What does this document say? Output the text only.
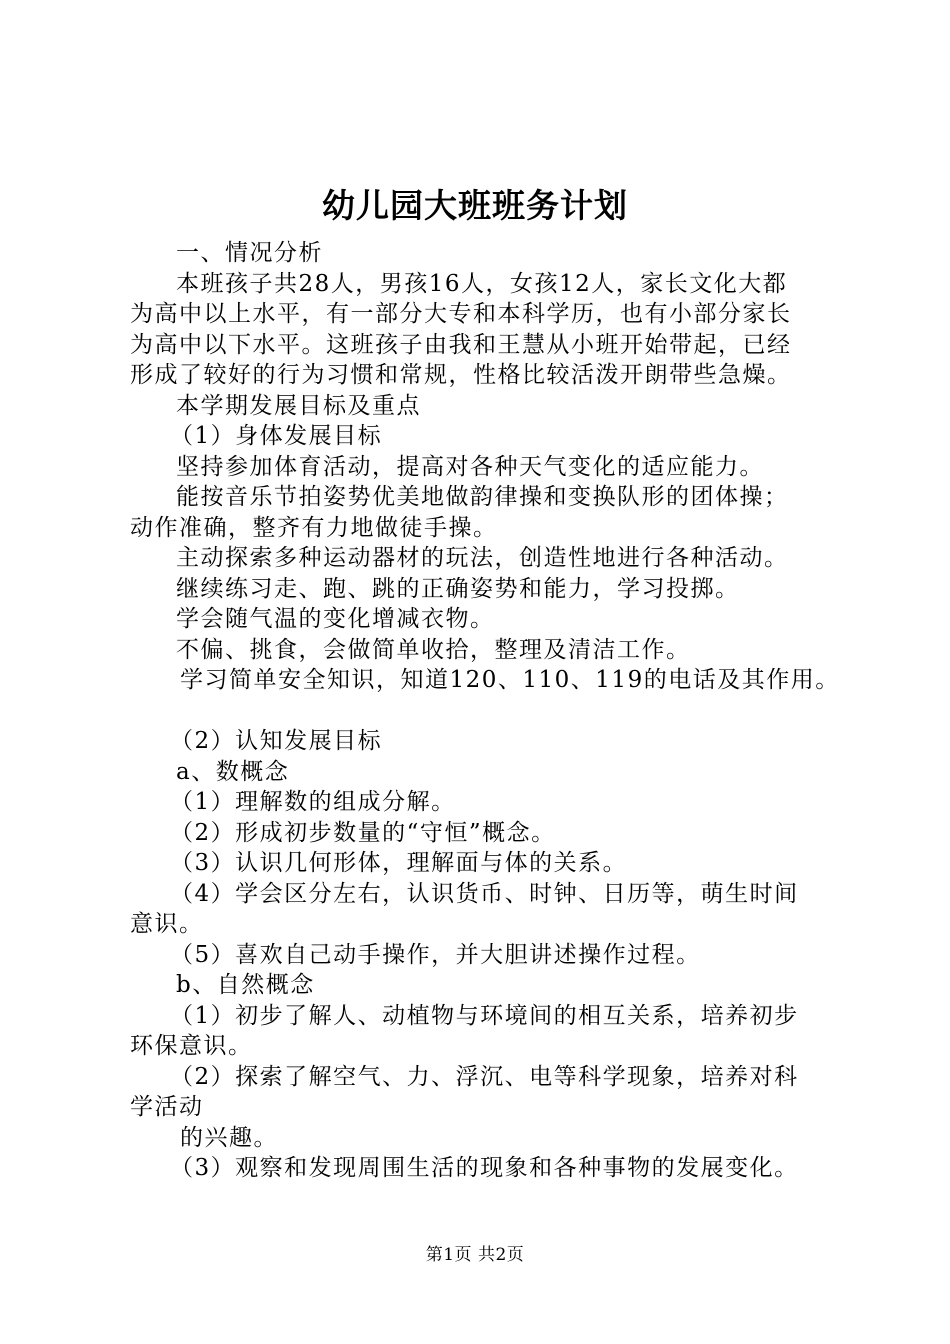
幼儿园大班班务计划
一、情况分析
本班孩子共28人，男孩16人，女孩12人，家长文化大都
为高中以上水平，有一部分大专和本科学历，也有小部分家长
为高中以下水平。这班孩子由我和王慧从小班开始带起，已经
形成了较好的行为习惯和常规，性格比较活泼开朗带些急燥。
本学期发展目标及重点
（1）身体发展目标
坚持参加体育活动，提高对各种天气变化的适应能力。
能按音乐节拍姿势优美地做韵律操和变换队形的团体操；
动作准确，整齐有力地做徒手操。
主动探索多种运动器材的玩法，创造性地进行各种活动。
继续练习走、跑、跳的正确姿势和能力，学习投掷。
学会随气温的变化增减衣物。
不偏、挑食，会做简单收拾，整理及清洁工作。
学习简单安全知识，知道120、110、119的电话及其作用。
（2）认知发展目标
a、数概念
（1）理解数的组成分解。
（2）形成初步数量的“守恒”概念。
（3）认识几何形体，理解面与体的关系。
（4）学会区分左右，认识货币、时钟、日历等，萌生时间
意识。
（5）喜欢自己动手操作，并大胆讲述操作过程。
b、自然概念
（1）初步了解人、动植物与环境间的相互关系，培养初步
环保意识。
（2）探索了解空气、力、浮沉、电等科学现象，培养对科
学活动
的兴趣。
（3）观察和发现周围生活的现象和各种事物的发展变化。
第1页 共2页
